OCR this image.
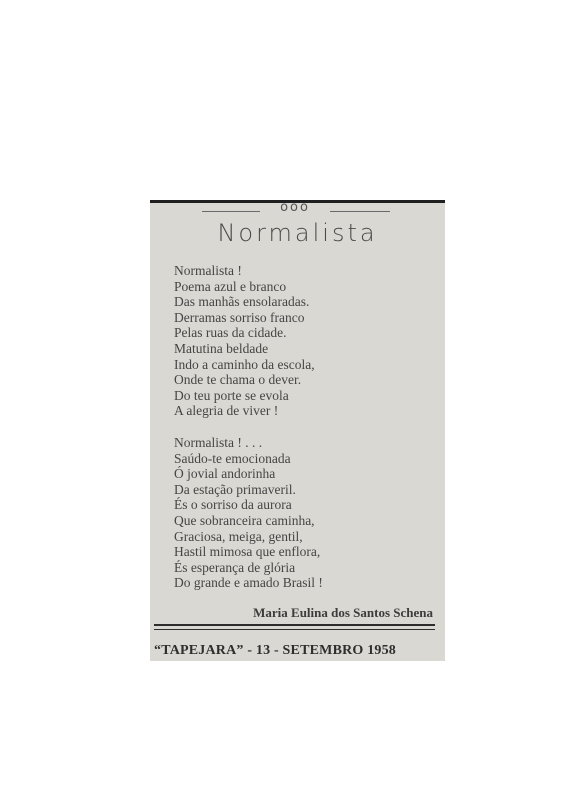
ooo
Normalista
Normalista !
Poema azul e branco
Das manhãs ensolaradas.
Derramas sorriso franco
Pelas ruas da cidade.
Matutina beldade
Indo a caminho da escola,
Onde te chama o dever.
Do teu porte se evola
A alegria de viver !
Normalista ! . . .
Saúdo-te emocionada
Ó jovial andorinha
Da estação primaveril.
És o sorriso da aurora
Que sobranceira caminha,
Graciosa, meiga, gentil,
Hastil mimosa que enflora,
És esperança de glória
Do grande e amado Brasil !
Maria Eulina dos Santos Schena
“TAPEJARA” - 13 - SETEMBRO 1958
